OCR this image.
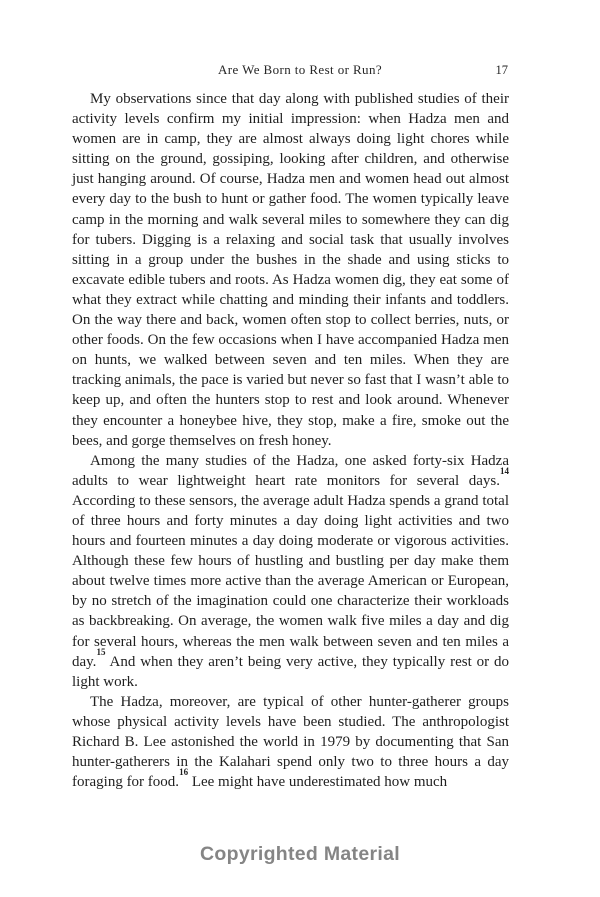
Are We Born to Rest or Run?	17

My observations since that day along with published studies of their activity levels confirm my initial impression: when Hadza men and women are in camp, they are almost always doing light chores while sitting on the ground, gossiping, looking after children, and otherwise just hanging around. Of course, Hadza men and women head out almost every day to the bush to hunt or gather food. The women typically leave camp in the morning and walk several miles to somewhere they can dig for tubers. Digging is a relaxing and social task that usually involves sitting in a group under the bushes in the shade and using sticks to excavate edible tubers and roots. As Hadza women dig, they eat some of what they extract while chatting and minding their infants and toddlers. On the way there and back, women often stop to collect berries, nuts, or other foods. On the few occasions when I have accompanied Hadza men on hunts, we walked between seven and ten miles. When they are tracking animals, the pace is varied but never so fast that I wasn’t able to keep up, and often the hunters stop to rest and look around. Whenever they encounter a honeybee hive, they stop, make a fire, smoke out the bees, and gorge themselves on fresh honey.

Among the many studies of the Hadza, one asked forty-six Hadza adults to wear lightweight heart rate monitors for several days.$^{14}$ According to these sensors, the average adult Hadza spends a grand total of three hours and forty minutes a day doing light activities and two hours and fourteen minutes a day doing moderate or vigorous activities. Although these few hours of hustling and bustling per day make them about twelve times more active than the average American or European, by no stretch of the imagination could one characterize their workloads as backbreaking. On average, the women walk five miles a day and dig for several hours, whereas the men walk between seven and ten miles a day.$^{15}$ And when they aren’t being very active, they typically rest or do light work.

The Hadza, moreover, are typical of other hunter-gatherer groups whose physical activity levels have been studied. The anthropologist Richard B. Lee astonished the world in 1979 by documenting that San hunter-gatherers in the Kalahari spend only two to three hours a day foraging for food.$^{16}$ Lee might have underestimated how much

Copyrighted Material
